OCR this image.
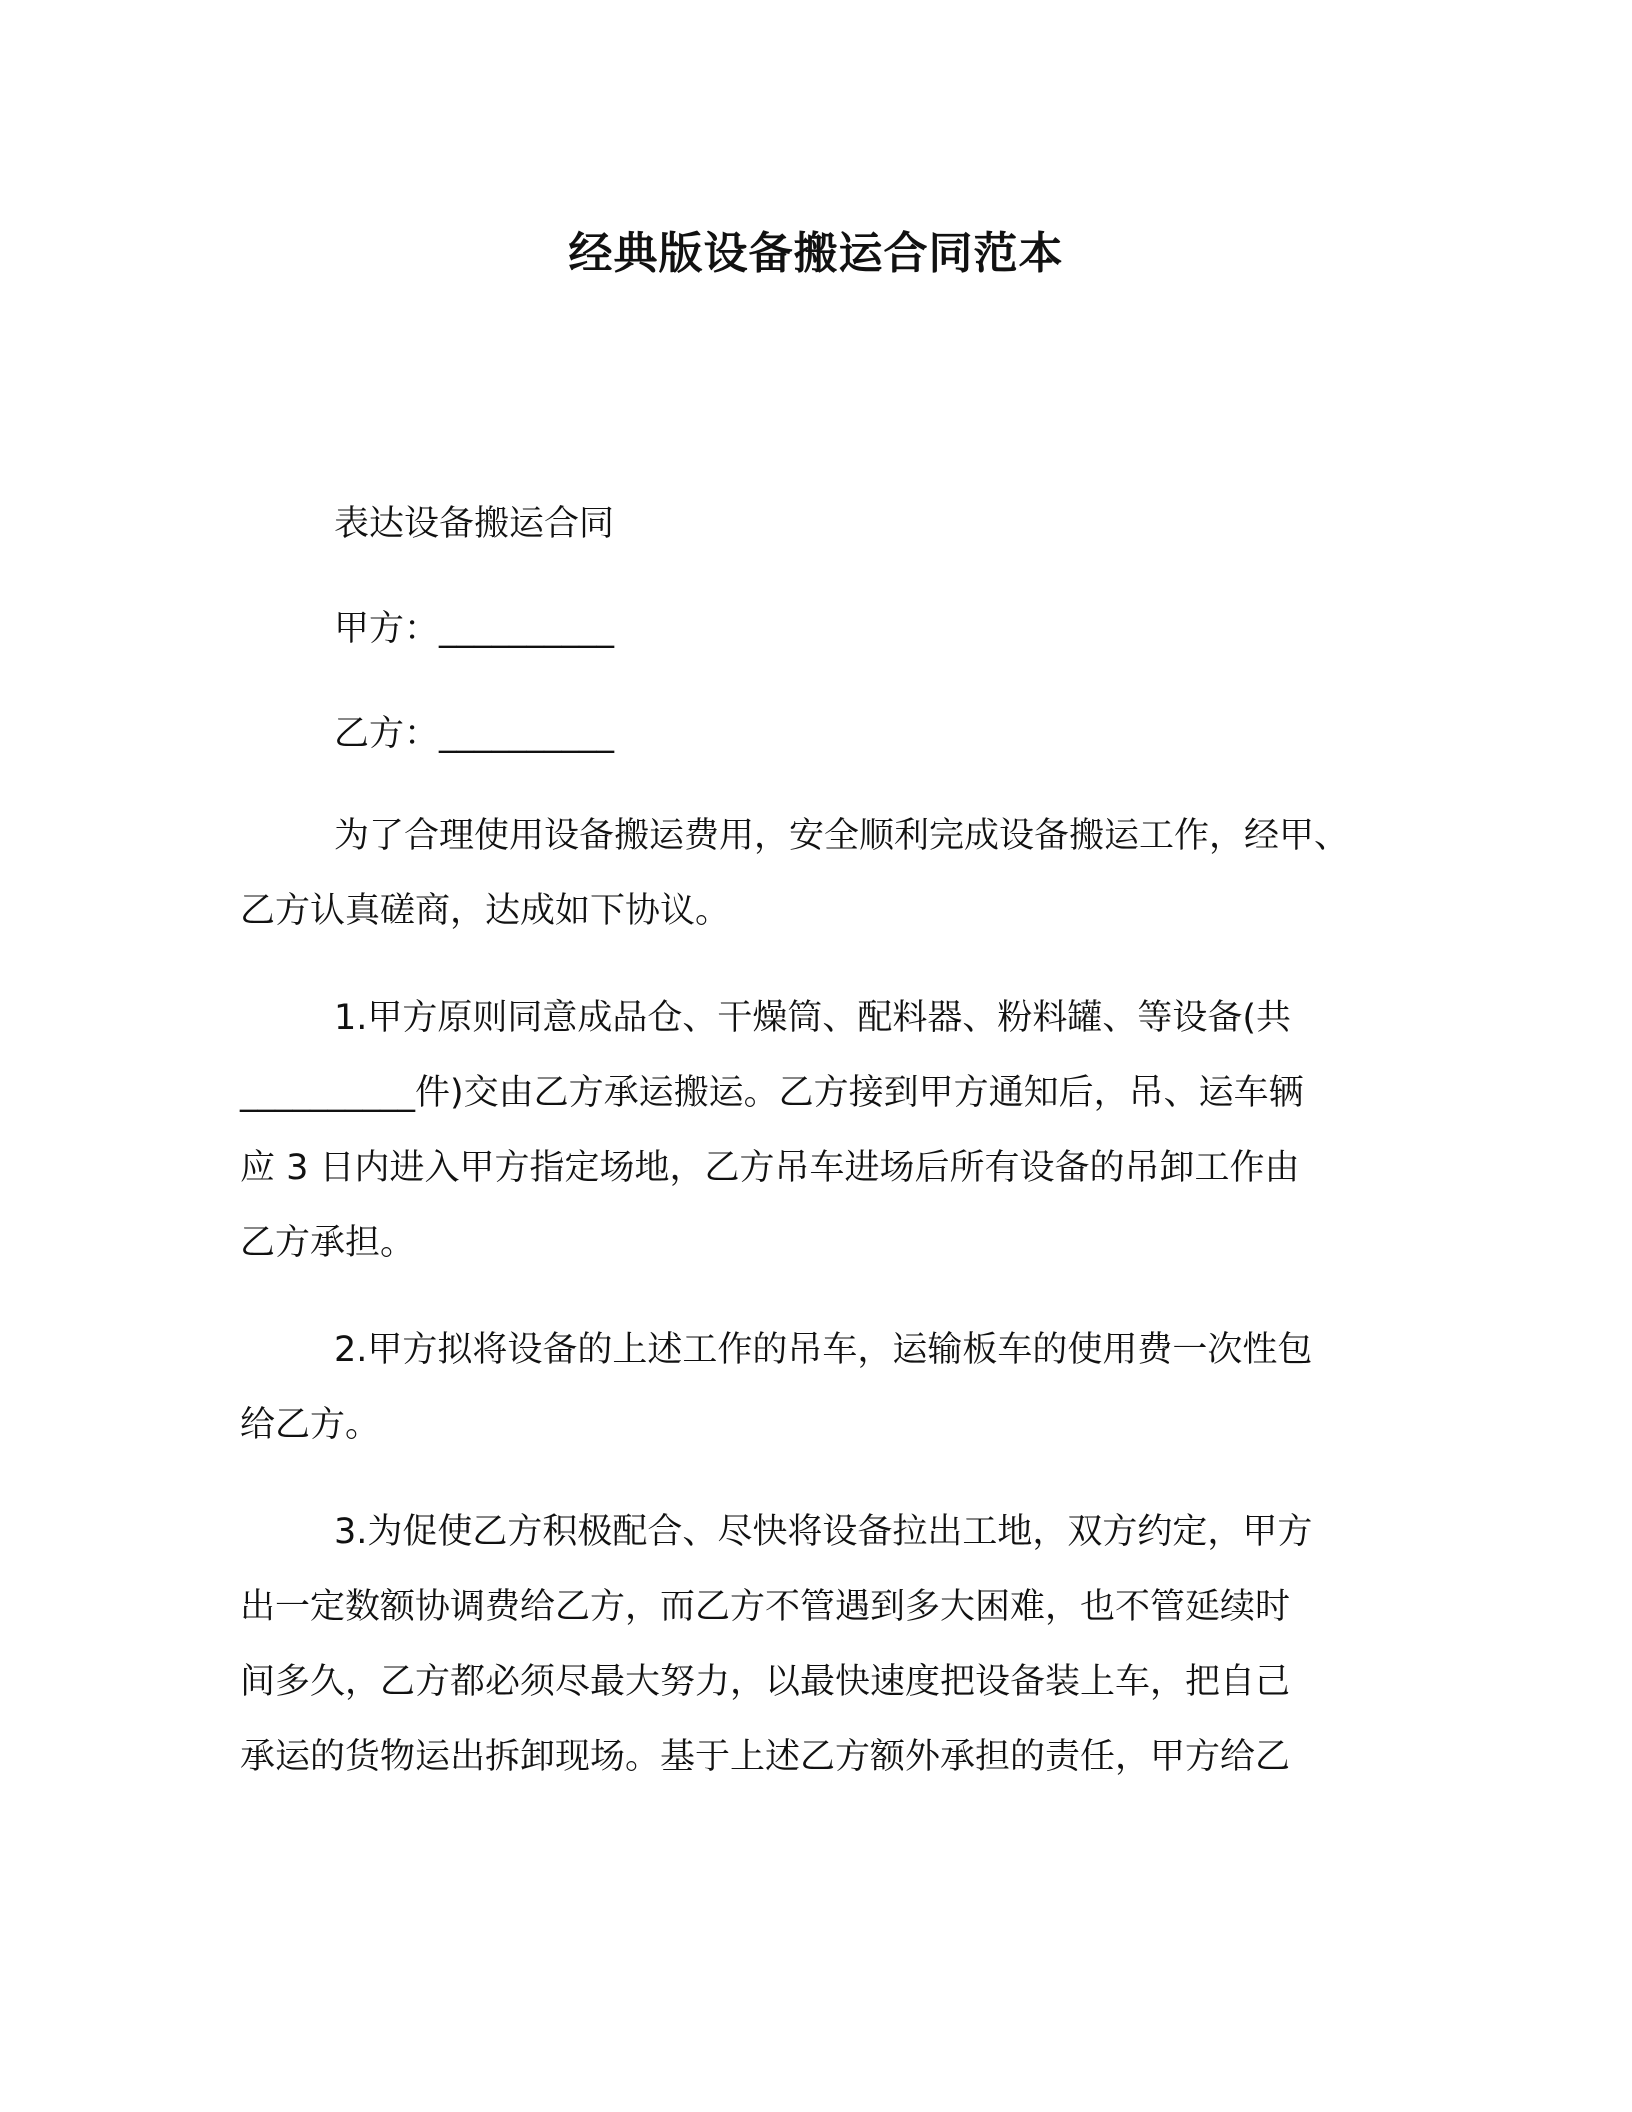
经典版设备搬运合同范本
表达设备搬运合同
甲方：__________
乙方：__________
为了合理使用设备搬运费用，安全顺利完成设备搬运工作，经甲、
乙方认真磋商，达成如下协议。
1.甲方原则同意成品仓、干燥筒、配料器、粉料罐、等设备(共
__________件)交由乙方承运搬运。乙方接到甲方通知后，吊、运车辆
应 3 日内进入甲方指定场地，乙方吊车进场后所有设备的吊卸工作由
乙方承担。
2.甲方拟将设备的上述工作的吊车，运输板车的使用费一次性包
给乙方。
3.为促使乙方积极配合、尽快将设备拉出工地，双方约定，甲方
出一定数额协调费给乙方，而乙方不管遇到多大困难，也不管延续时
间多久，乙方都必须尽最大努力，以最快速度把设备装上车，把自己
承运的货物运出拆卸现场。基于上述乙方额外承担的责任，甲方给乙
